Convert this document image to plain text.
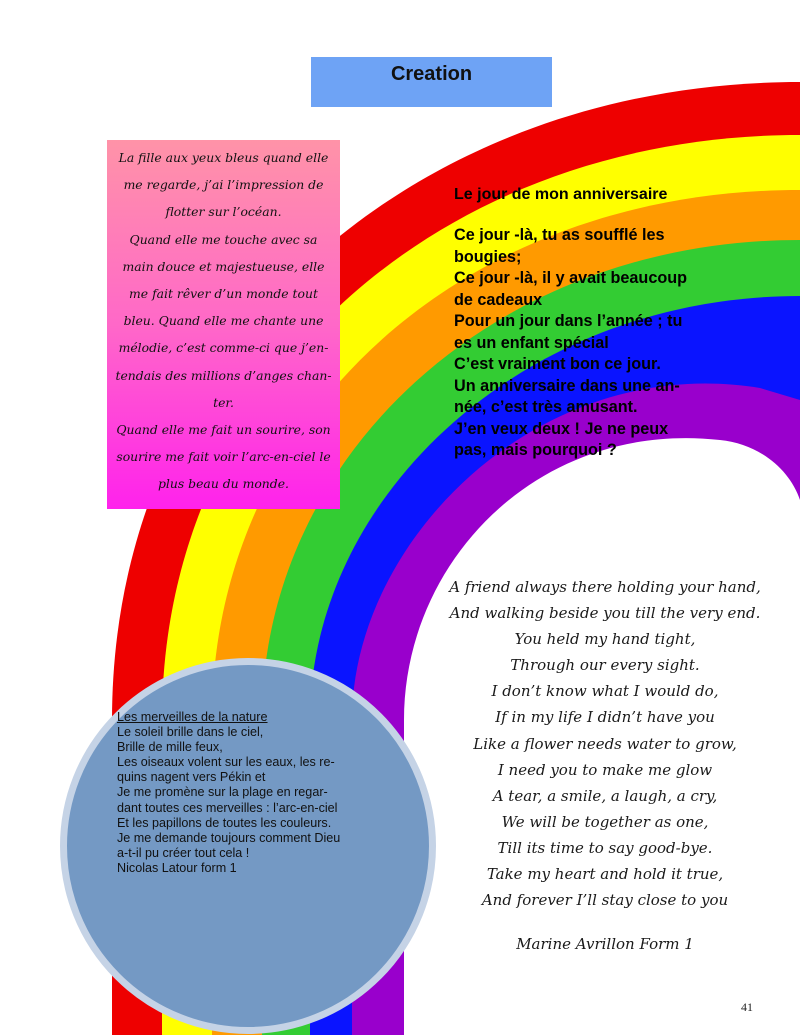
Creation

La fille aux yeux bleus quand elle

me regarde, j’ai l’impression de

flotter sur l’océan.

Quand elle me touche avec sa

main douce et majestueuse, elle

me fait rêver d’un monde tout

bleu. Quand elle me chante une

mélodie, c’est comme-ci que j’en-

tendais des millions d’anges chan-

ter.

Quand elle me fait un sourire, son

sourire me fait voir l’arc-en-ciel le

plus beau du monde.

Le jour de mon anniversaire
Ce jour -là, tu as soufflé les
bougies;
Ce jour -là, il y avait beaucoup
de cadeaux
Pour un jour dans l’année ; tu
es un enfant spécial
C’est vraiment bon ce jour.
Un anniversaire dans une an-
née, c’est très amusant.
J’en veux deux ! Je ne peux
pas, mais pourquoi ?
A friend always there holding your hand,
And walking beside you till the very end.
You held my hand tight,
Through our every sight.
I don’t know what I would do,
If in my life I didn’t have you
Like a flower needs water to grow,
I need you to make me glow
A tear, a smile, a laugh, a cry,
We will be together as one,
Till its time to say good-bye.
Take my heart and hold it true,
And forever I’ll stay close to you
Marine Avrillon Form 1
Les merveilles de la nature
Le soleil brille dans le ciel,
Brille de mille feux,
Les oiseaux volent sur les eaux, les re-
quins nagent vers Pékin et
Je me promène sur la plage en regar-
dant toutes ces merveilles : l’arc-en-ciel
Et les papillons de toutes les couleurs.
Je me demande toujours comment Dieu
a-t-il pu créer tout cela !
Nicolas Latour form 1
41
